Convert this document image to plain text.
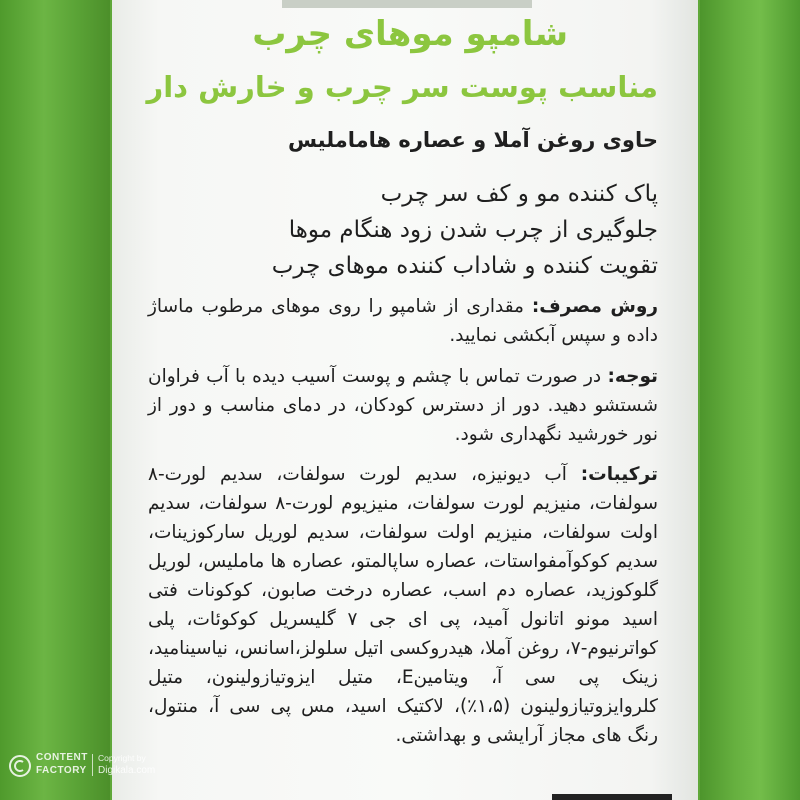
شامپو موهای چرب
مناسب پوست سر چرب و خارش دار
حاوی روغن آملا و عصاره هاماملیس
پاک کننده مو و کف سر چرب
جلوگیری از چرب شدن زود هنگام موها
تقویت کننده و شاداب کننده موهای چرب
روش مصرف: مقداری از شامپو را روی موهای مرطوب ماساژ داده و سپس آبکشی نمایید.
توجه: در صورت تماس با چشم و پوست آسیب دیده با آب فراوان شستشو دهید. دور از دسترس کودکان، در دمای مناسب و دور از نور خورشید نگهداری شود.
ترکیبات: آب دیونیزه، سدیم لورت سولفات، سدیم لورت-۸ سولفات، منیزیم لورت سولفات، منیزیوم لورت-۸ سولفات، سدیم اولت سولفات، منیزیم اولت سولفات، سدیم لوریل سارکوزینات، سدیم کوکوآمفواستات، عصاره ساپالمتو، عصاره ها ماملیس، لوریل گلوکوزید، عصاره دم اسب، عصاره درخت صابون، کوکونات فتی اسید مونو اتانول آمید، پی ای جی ۷ گلیسریل کوکوئات، پلی کواترنیوم-۷، روغن آملا، هیدروکسی اتیل سلولز،اسانس، نیاسینامید، زینک پی سی آ، ویتامینE، متیل ایزوتیازولینون، متیل کلروایزوتیازولینون (۱،۵٪)، لاکتیک اسید، مس پی سی آ، منتول، رنگ های مجاز آرایشی و بهداشتی.
CONTENT
FACTORY
Copyright by
Digikala.com
